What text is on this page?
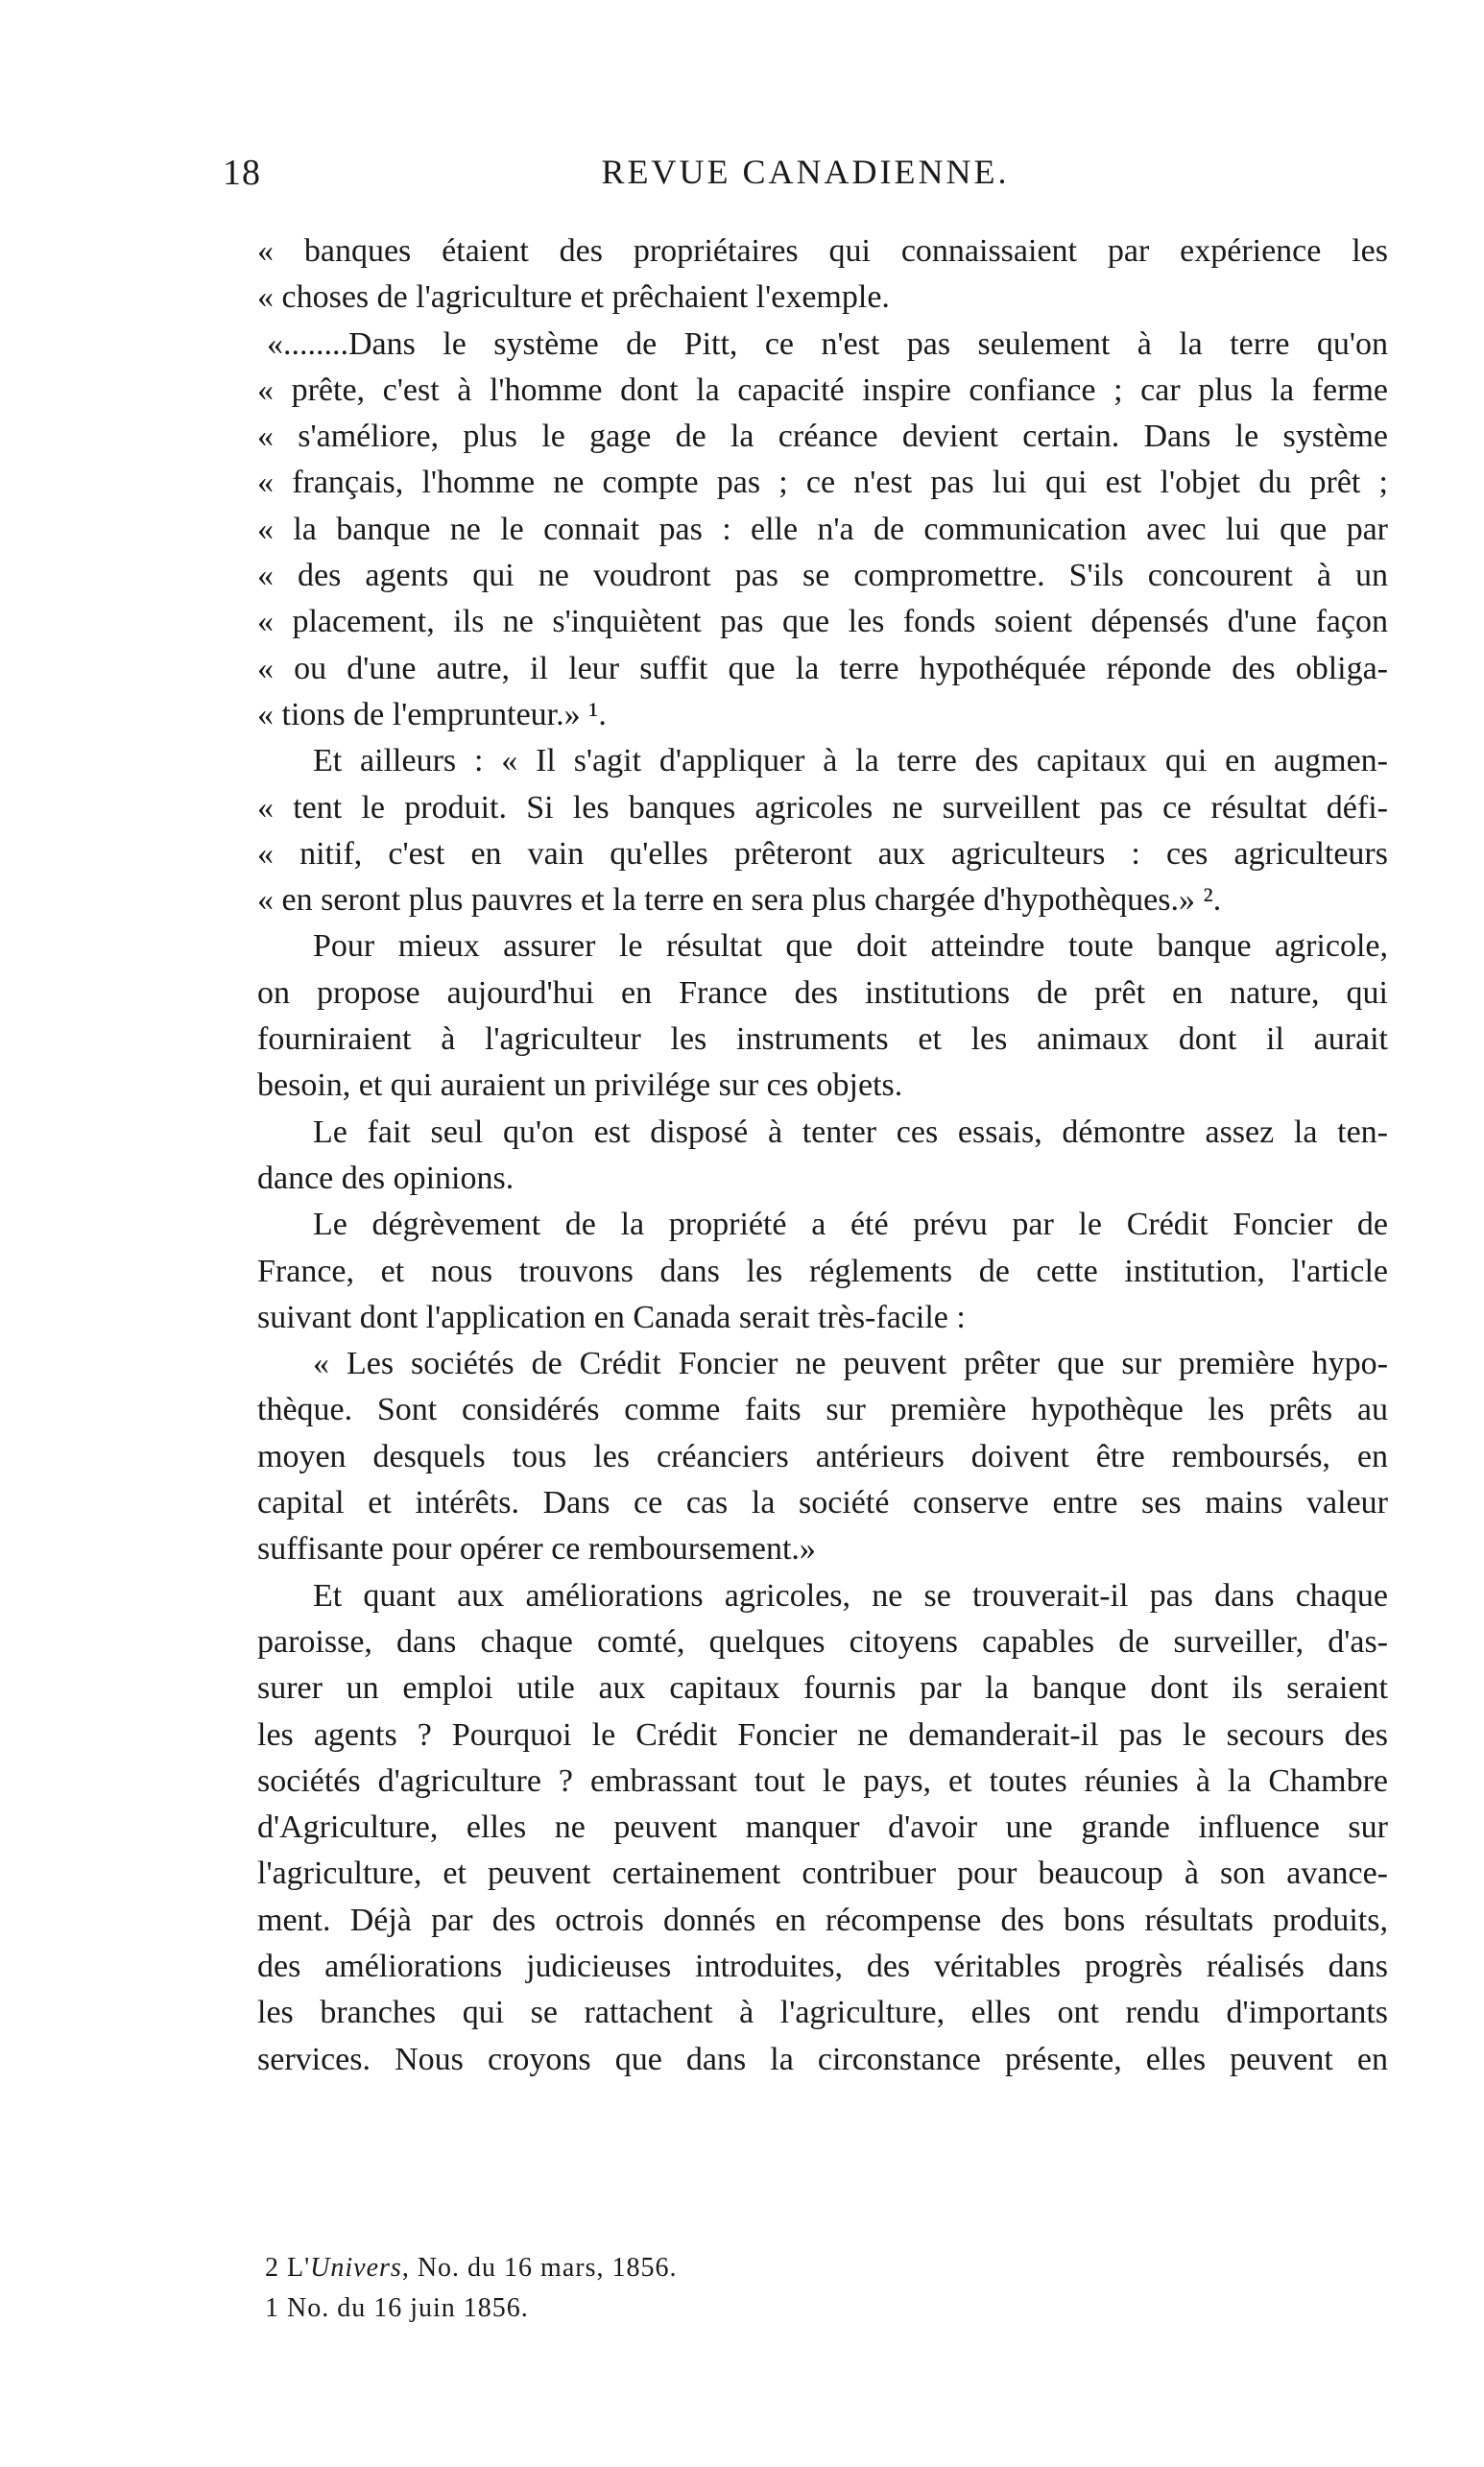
18	REVUE CANADIENNE.
« banques étaient des propriétaires qui connaissaient par expérience les
« choses de l'agriculture et prêchaient l'exemple.
«........Dans le système de Pitt, ce n'est pas seulement à la terre qu'on
« prête, c'est à l'homme dont la capacité inspire confiance ; car plus la ferme
« s'améliore, plus le gage de la créance devient certain. Dans le système
« français, l'homme ne compte pas ; ce n'est pas lui qui est l'objet du prêt ;
« la banque ne le connait pas : elle n'a de communication avec lui que par
« des agents qui ne voudront pas se compromettre. S'ils concourent à un
« placement, ils ne s'inquiètent pas que les fonds soient dépensés d'une façon
« ou d'une autre, il leur suffit que la terre hypothéquée réponde des obliga-
« tions de l'emprunteur.» ¹.
Et ailleurs : « Il s'agit d'appliquer à la terre des capitaux qui en augmen-
« tent le produit. Si les banques agricoles ne surveillent pas ce résultat défi-
« nitif, c'est en vain qu'elles prêteront aux agriculteurs : ces agriculteurs
« en seront plus pauvres et la terre en sera plus chargée d'hypothèques.» ².
Pour mieux assurer le résultat que doit atteindre toute banque agricole,
on propose aujourd'hui en France des institutions de prêt en nature, qui
fourniraient à l'agriculteur les instruments et les animaux dont il aurait
besoin, et qui auraient un privilége sur ces objets.
Le fait seul qu'on est disposé à tenter ces essais, démontre assez la ten-
dance des opinions.
Le dégrèvement de la propriété a été prévu par le Crédit Foncier de
France, et nous trouvons dans les réglements de cette institution, l'article
suivant dont l'application en Canada serait très-facile :
« Les sociétés de Crédit Foncier ne peuvent prêter que sur première hypo-
thèque. Sont considérés comme faits sur première hypothèque les prêts au
moyen desquels tous les créanciers antérieurs doivent être remboursés, en
capital et intérêts. Dans ce cas la société conserve entre ses mains valeur
suffisante pour opérer ce remboursement.»
Et quant aux améliorations agricoles, ne se trouverait-il pas dans chaque
paroisse, dans chaque comté, quelques citoyens capables de surveiller, d'as-
surer un emploi utile aux capitaux fournis par la banque dont ils seraient
les agents ? Pourquoi le Crédit Foncier ne demanderait-il pas le secours des
sociétés d'agriculture ? embrassant tout le pays, et toutes réunies à la Chambre
d'Agriculture, elles ne peuvent manquer d'avoir une grande influence sur
l'agriculture, et peuvent certainement contribuer pour beaucoup à son avance-
ment. Déjà par des octrois donnés en récompense des bons résultats produits,
des améliorations judicieuses introduites, des véritables progrès réalisés dans
les branches qui se rattachent à l'agriculture, elles ont rendu d'importants
services. Nous croyons que dans la circonstance présente, elles peuvent en
2 L'Univers, No. du 16 mars, 1856.
1 No. du 16 juin 1856.
